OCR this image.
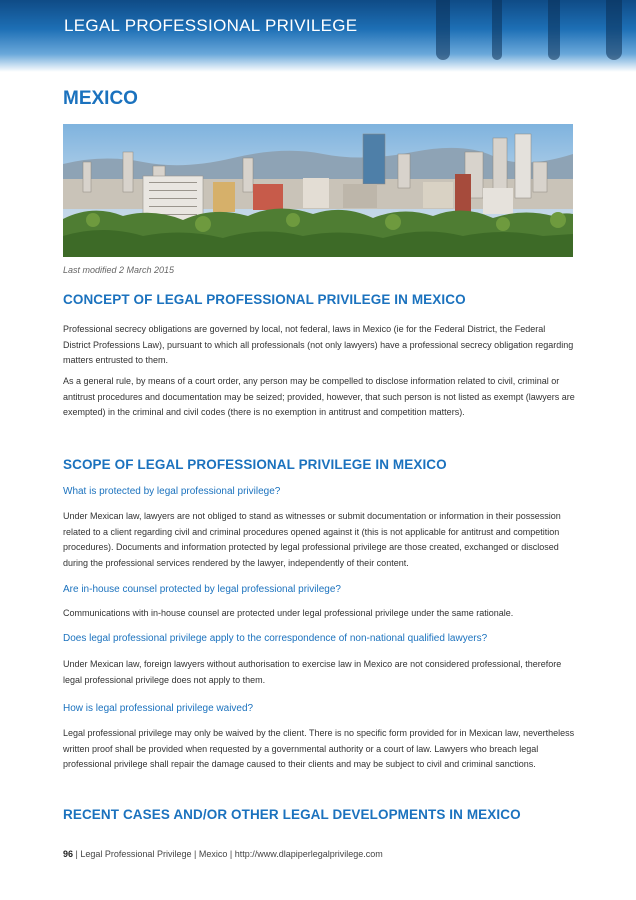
LEGAL PROFESSIONAL PRIVILEGE
MEXICO
Last modified 2 March 2015
CONCEPT OF LEGAL PROFESSIONAL PRIVILEGE IN MEXICO
Professional secrecy obligations are governed by local, not federal, laws in Mexico (ie for the Federal District, the Federal District Professions Law), pursuant to which all professionals (not only lawyers) have a professional secrecy obligation regarding matters entrusted to them.
As a general rule, by means of a court order, any person may be compelled to disclose information related to civil, criminal or antitrust procedures and documentation may be seized; provided, however, that such person is not listed as exempt (lawyers are exempted) in the criminal and civil codes (there is no exemption in antitrust and competition matters).
SCOPE OF LEGAL PROFESSIONAL PRIVILEGE IN MEXICO
What is protected by legal professional privilege?
Under Mexican law, lawyers are not obliged to stand as witnesses or submit documentation or information in their possession related to a client regarding civil and criminal procedures opened against it (this is not applicable for antitrust and competition procedures). Documents and information protected by legal professional privilege are those created, exchanged or disclosed during the professional services rendered by the lawyer, independently of their content.
Are in-house counsel protected by legal professional privilege?
Communications with in-house counsel are protected under legal professional privilege under the same rationale.
Does legal professional privilege apply to the correspondence of non-national qualified lawyers?
Under Mexican law, foreign lawyers without authorisation to exercise law in Mexico are not considered professional, therefore legal professional privilege does not apply to them.
How is legal professional privilege waived?
Legal professional privilege may only be waived by the client. There is no specific form provided for in Mexican law, nevertheless written proof shall be provided when requested by a governmental authority or a court of law. Lawyers who breach legal professional privilege shall repair the damage caused to their clients and may be subject to civil and criminal sanctions.
RECENT CASES AND/OR OTHER LEGAL DEVELOPMENTS IN MEXICO
96 | Legal Professional Privilege | Mexico | http://www.dlapiperlegalprivilege.com
